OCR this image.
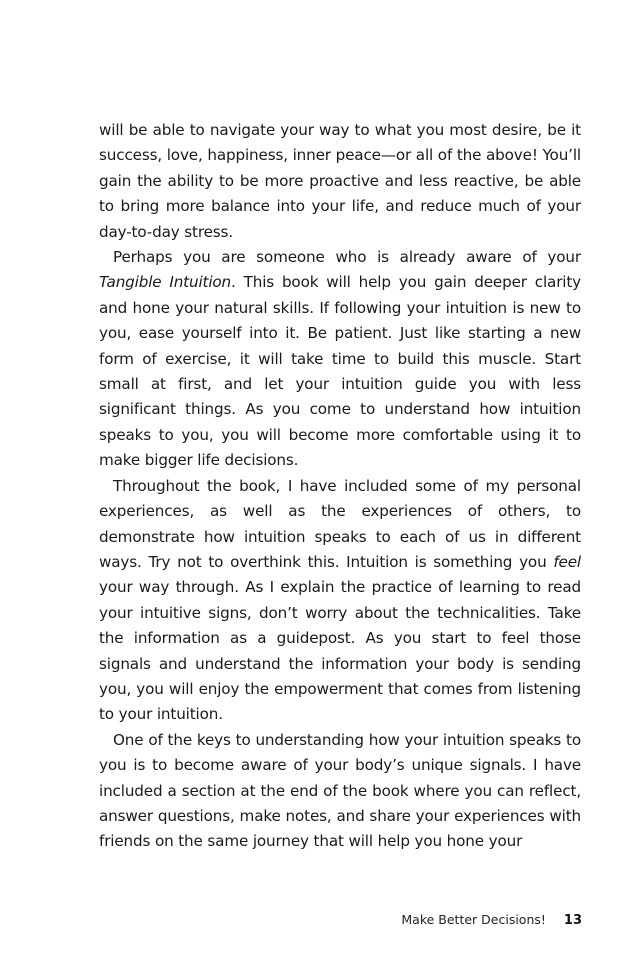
will be able to navigate your way to what you most desire, be it success, love, happiness, inner peace—or all of the above! You’ll gain the ability to be more proactive and less reactive, be able to bring more balance into your life, and reduce much of your day-to-day stress.

Perhaps you are someone who is already aware of your Tangible Intuition. This book will help you gain deeper clarity and hone your natural skills. If following your intuition is new to you, ease yourself into it. Be patient. Just like starting a new form of exercise, it will take time to build this muscle. Start small at first, and let your intuition guide you with less significant things. As you come to understand how intuition speaks to you, you will become more comfortable using it to make bigger life decisions.

Throughout the book, I have included some of my personal experiences, as well as the experiences of others, to demonstrate how intuition speaks to each of us in different ways. Try not to overthink this. Intuition is something you feel your way through. As I explain the practice of learning to read your intuitive signs, don’t worry about the technicalities. Take the information as a guidepost. As you start to feel those signals and understand the information your body is sending you, you will enjoy the empowerment that comes from listening to your intuition.

One of the keys to understanding how your intuition speaks to you is to become aware of your body’s unique signals. I have included a section at the end of the book where you can reflect, answer questions, make notes, and share your experiences with friends on the same journey that will help you hone your

Make Better Decisions! 13
